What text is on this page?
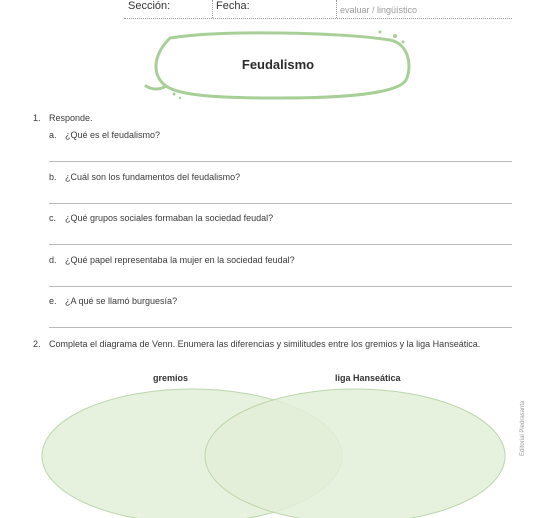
Sección:	Fecha:	evaluar / lingüístico
Feudalismo
1. Responde.
a. ¿Qué es el feudalismo?
b. ¿Cuál son los fundamentos del feudalismo?
c. ¿Qué grupos sociales formaban la sociedad feudal?
d. ¿Qué papel representaba la mujer en la sociedad feudal?
e. ¿A qué se llamó burguesía?
2. Completa el diagrama de Venn. Enumera las diferencias y similitudes entre los gremios y la liga Hanseática.
gremios	liga Hanseática
Editorial Piedrasanta
